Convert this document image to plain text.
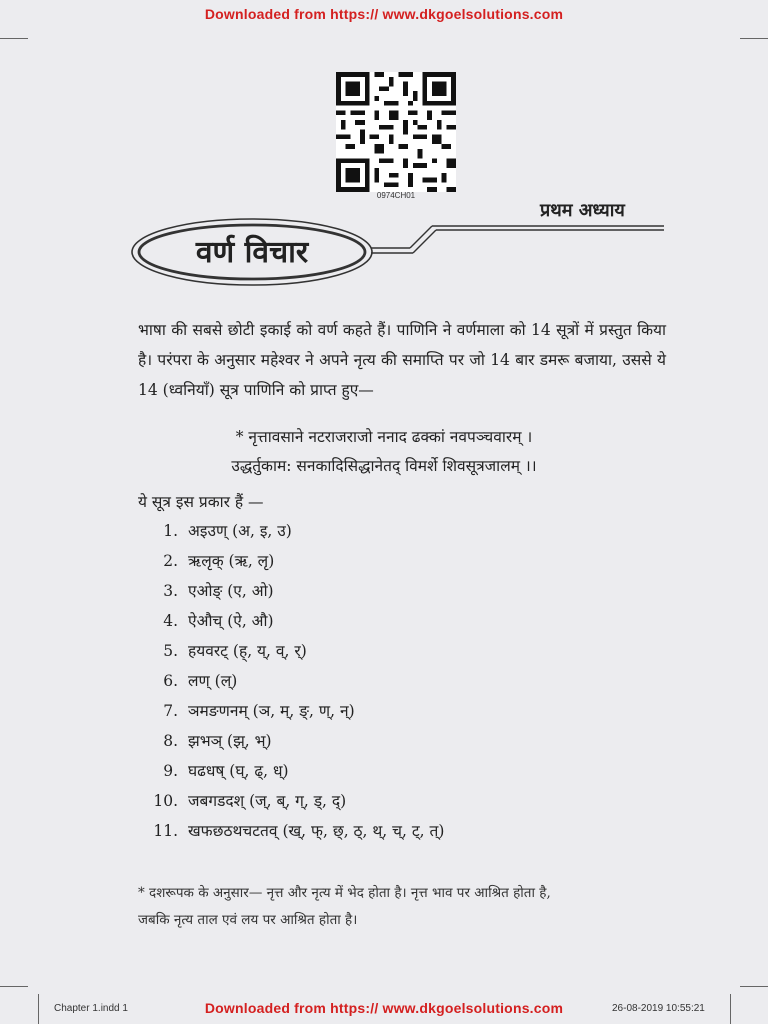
Downloaded from https:// www.dkgoelsolutions.com
Downloaded from https:// www.dkgoelsolutions.com
0974CH01
प्रथम अध्याय
वर्ण विचार
भाषा की सबसे छोटी इकाई को वर्ण कहते हैं। पाणिनि ने वर्णमाला को 14 सूत्रों में प्रस्तुत किया है। परंपरा के अनुसार महेश्वर ने अपने नृत्य की समाप्ति पर जो 14 बार डमरू बजाया, उससे ये 14 (ध्वनियाँ) सूत्र पाणिनि को प्राप्त हुए—
* नृत्तावसाने नटराजराजो ननाद ढक्कां नवपञ्चवारम् ।
उद्धर्तुकाम: सनकादिसिद्धानेतद् विमर्शे शिवसूत्रजालम् ।।
ये सूत्र इस प्रकार हैं —
1. अइउण् (अ, इ, उ)
2. ऋलृक् (ऋ, लृ)
3. एओङ् (ए, ओ)
4. ऐऔच् (ऐ, औ)
5. हयवरट् (ह्, य्, व्, र्)
6. लण् (ल्)
7. ञमङणनम् (ञ, म्, ङ्, ण्, न्)
8. झभञ् (झ्, भ्)
9. घढधष् (घ्, ढ्, ध्)
10. जबगडदश् (ज्, ब्, ग्, ड्, द्)
11. खफछठथचटतव् (ख्, फ्, छ्, ठ्, थ्, च्, ट्, त्)
* दशरूपक के अनुसार— नृत्त और नृत्य में भेद होता है। नृत्त भाव पर आश्रित होता है,
जबकि नृत्य ताल एवं लय पर आश्रित होता है।
Chapter 1.indd 1	26-08-2019 10:55:21
